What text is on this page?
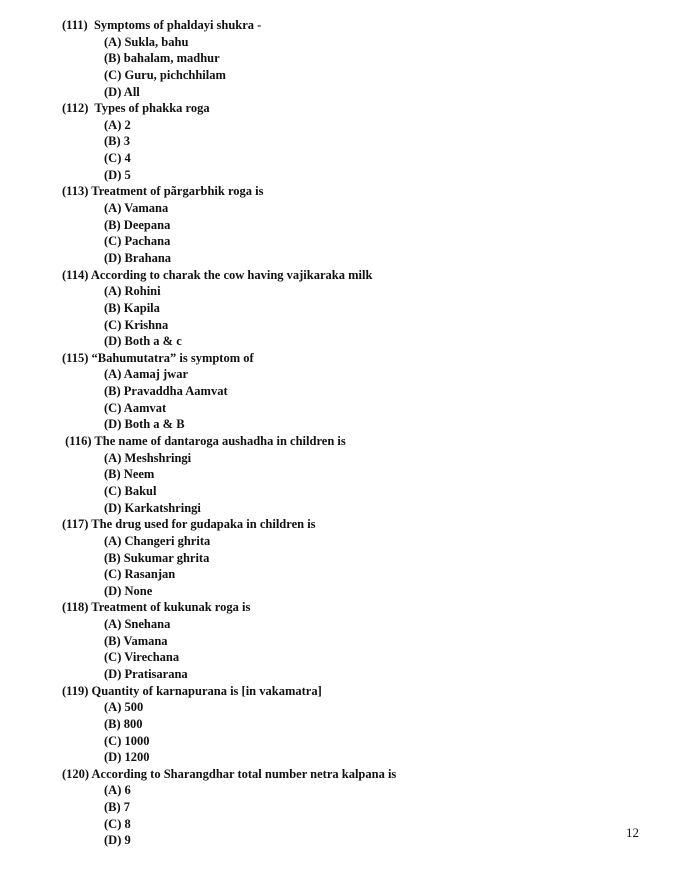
(111)  Symptoms of phaldayi shukra -
(A) Sukla, bahu
(B) bahalam, madhur
(C) Guru, pichchhilam
(D) All
(112)  Types of phakka roga
(A) 2
(B) 3
(C) 4
(D) 5
(113) Treatment of pãrgarbhik roga is
(A) Vamana
(B) Deepana
(C) Pachana
(D) Brahana
(114) According to charak the cow having vajikaraka milk
(A) Rohini
(B) Kapila
(C) Krishna
(D) Both a & c
(115) “Bahumutatra” is symptom of
(A) Aamaj jwar
(B) Pravaddha Aamvat
(C) Aamvat
(D) Both a & B
(116) The name of dantaroga aushadha in children is
(A) Meshshringi
(B) Neem
(C) Bakul
(D) Karkatshringi
(117) The drug used for gudapaka in children is
(A) Changeri ghrita
(B) Sukumar ghrita
(C) Rasanjan
(D) None
(118) Treatment of kukunak roga is
(A) Snehana
(B) Vamana
(C) Virechana
(D) Pratisarana
(119) Quantity of karnapurana is [in vakamatra]
(A) 500
(B) 800
(C) 1000
(D) 1200
(120) According to Sharangdhar total number netra kalpana is
(A) 6
(B) 7
(C) 8
(D) 9
12
